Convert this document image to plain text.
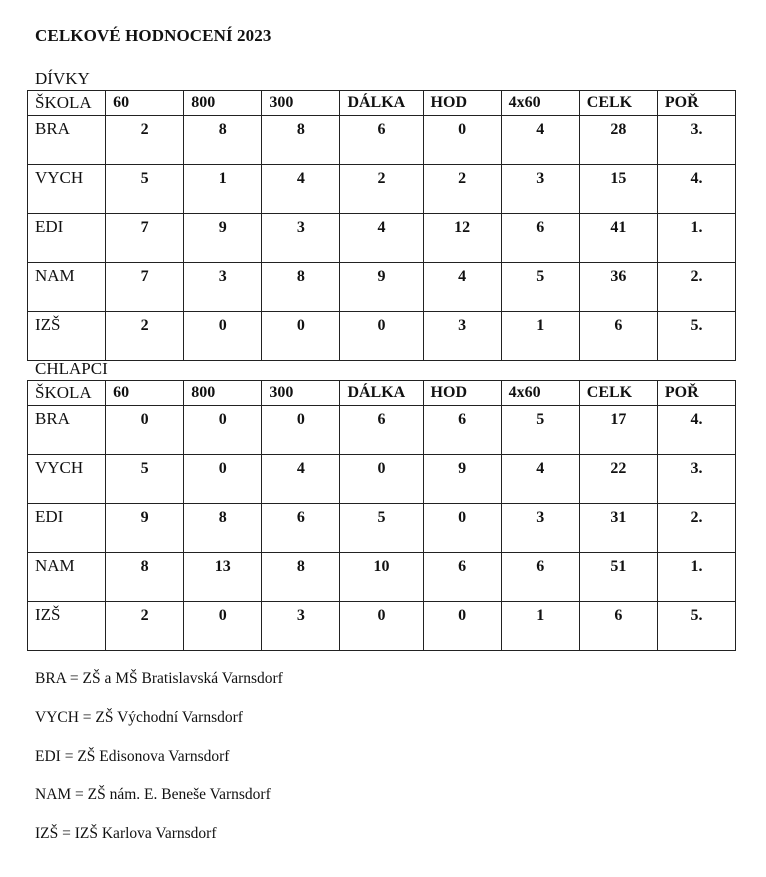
CELKOVÉ HODNOCENÍ 2023
DÍVKY
ŠKOLA	60	800	300	DÁLKA	HOD	4x60	CELK	POŘ
BRA	2	8	8	6	0	4	28	3.
VYCH	5	1	4	2	2	3	15	4.
EDI	7	9	3	4	12	6	41	1.
NAM	7	3	8	9	4	5	36	2.
IZŠ	2	0	0	0	3	1	6	5.
CHLAPCI
ŠKOLA	60	800	300	DÁLKA	HOD	4x60	CELK	POŘ
BRA	0	0	0	6	6	5	17	4.
VYCH	5	0	4	0	9	4	22	3.
EDI	9	8	6	5	0	3	31	2.
NAM	8	13	8	10	6	6	51	1.
IZŠ	2	0	3	0	0	1	6	5.
BRA = ZŠ a MŠ Bratislavská Varnsdorf
VYCH = ZŠ Východní Varnsdorf
EDI = ZŠ Edisonova Varnsdorf
NAM = ZŠ nám. E. Beneše Varnsdorf
IZŠ = IZŠ Karlova Varnsdorf
